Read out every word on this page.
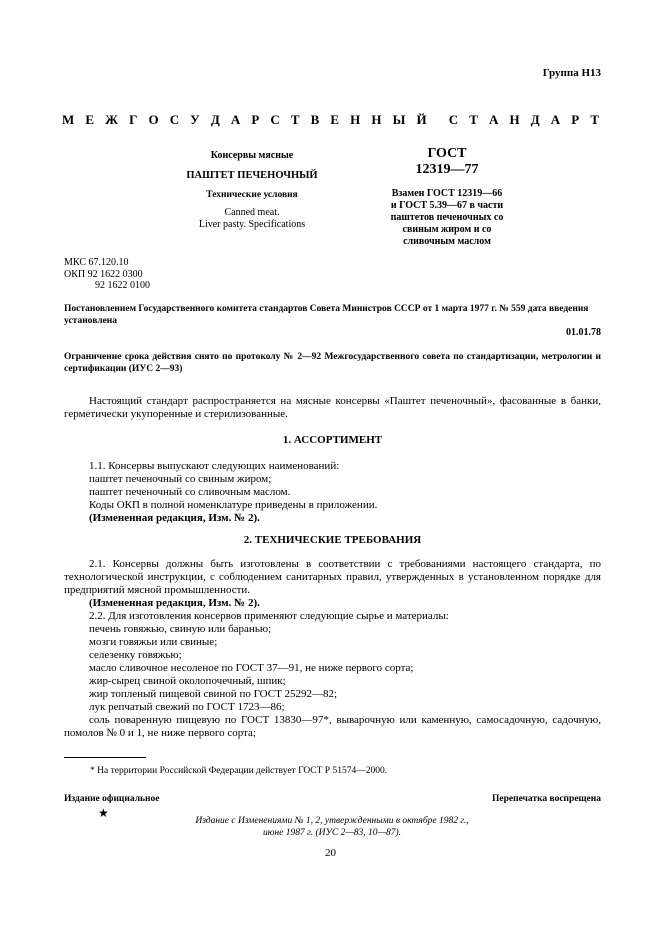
Группа Н13
М Е Ж Г О С У Д А Р С Т В Е Н Н Ы Й С Т А Н Д А Р Т
Консервы мясные
ПАШТЕТ ПЕЧЕНОЧНЫЙ
Технические условия
Canned meat.
Liver pasty. Specifications
ГОСТ
12319—77
Взамен ГОСТ 12319—66
и ГОСТ 5.39—67 в части
паштетов печеночных со
свиным жиром и со
сливочным маслом
МКС 67.120.10
ОКП 92 1622 0300
92 1622 0100
Постановлением Государственного комитета стандартов Совета Министров СССР от 1 марта 1977 г. № 559 дата введения установлена
01.01.78
Ограничение срока действия снято по протоколу № 2—92 Межгосударственного совета по стандартизации, метрологии и сертификации (ИУС 2—93)
Настоящий стандарт распространяется на мясные консервы «Паштет печеночный», фасованные в банки, герметически укупоренные и стерилизованные.
1. АССОРТИМЕНТ
1.1. Консервы выпускают следующих наименований:
паштет печеночный со свиным жиром;
паштет печеночный со сливочным маслом.
Коды ОКП в полной номенклатуре приведены в приложении.
(Измененная редакция, Изм. № 2).
2. ТЕХНИЧЕСКИЕ ТРЕБОВАНИЯ
2.1. Консервы должны быть изготовлены в соответствии с требованиями настоящего стандарта, по технологической инструкции, с соблюдением санитарных правил, утвержденных в установленном порядке для предприятий мясной промышленности.
(Измененная редакция, Изм. № 2).
2.2. Для изготовления консервов применяют следующие сырье и материалы:
печень говяжью, свиную или баранью;
мозги говяжьи или свиные;
селезенку говяжью;
масло сливочное несоленое по ГОСТ 37—91, не ниже первого сорта;
жир-сырец свиной околопочечный, шпик;
жир топленый пищевой свиной по ГОСТ 25292—82;
лук репчатый свежий по ГОСТ 1723—86;
соль поваренную пищевую по ГОСТ 13830—97*, выварочную или каменную, самосадочную, садочную, помолов № 0 и 1, не ниже первого сорта;
* На территории Российской Федерации действует ГОСТ Р 51574—2000.
Издание официальное	Перепечатка воспрещена
★
Издание с Изменениями № 1, 2, утвержденными в октябре 1982 г.,
июне 1987 г. (ИУС 2—83, 10—87).
20
